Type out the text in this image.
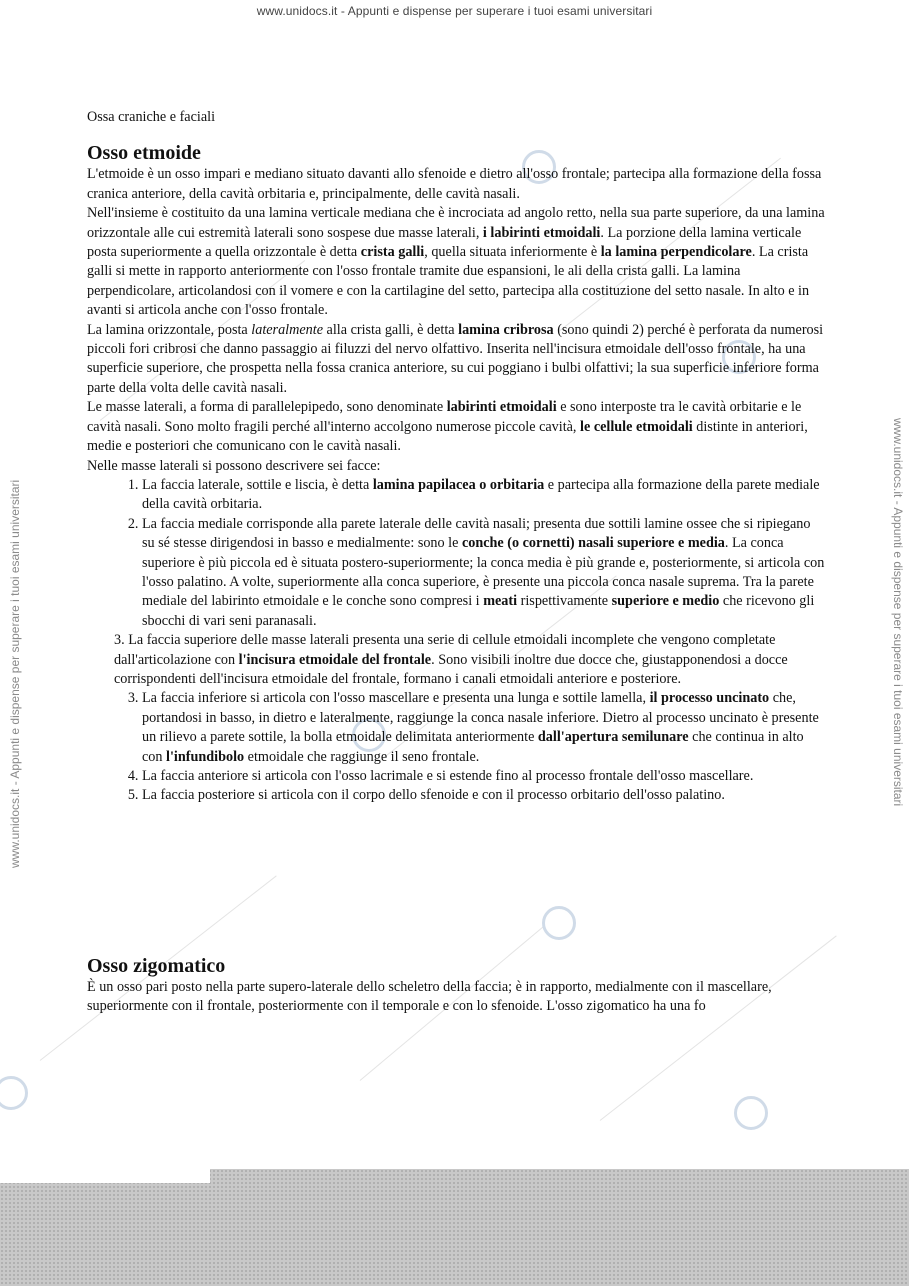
www.unidocs.it - Appunti e dispense per superare i tuoi esami universitari
www.unidocs.it - Appunti e dispense per superare i tuoi esami universitari	www.unidocs.it - Appunti e dispense per superare i tuoi esami universitari
Ossa craniche e faciali
Osso etmoide

L'etmoide è un osso impari e mediano situato davanti allo sfenoide e dietro all'osso frontale; partecipa alla formazione della fossa cranica anteriore, della cavità orbitaria e, principalmente, delle cavità nasali.

Nell'insieme è costituito da una lamina verticale mediana che è incrociata ad angolo retto, nella sua parte superiore, da una lamina orizzontale alle cui estremità laterali sono sospese due masse laterali, i labirinti etmoidali. La porzione della lamina verticale posta superiormente a quella orizzontale è detta crista galli, quella situata inferiormente è la lamina perpendicolare. La crista galli si mette in rapporto anteriormente con l'osso frontale tramite due espansioni, le ali della crista galli. La lamina perpendicolare, articolandosi con il vomere e con la cartilagine del setto, partecipa alla costituzione del setto nasale. In alto e in avanti si articola anche con l'osso frontale.

La lamina orizzontale, posta lateralmente alla crista galli, è detta lamina cribrosa (sono quindi 2) perché è perforata da numerosi piccoli fori cribrosi che danno passaggio ai filuzzi del nervo olfattivo. Inserita nell'incisura etmoidale dell'osso frontale, ha una superficie superiore, che prospetta nella fossa cranica anteriore, su cui poggiano i bulbi olfattivi; la sua superficie inferiore forma parte della volta delle cavità nasali.

Le masse laterali, a forma di parallelepipedo, sono denominate labirinti etmoidali e sono interposte tra le cavità orbitarie e le cavità nasali. Sono molto fragili perché all'interno accolgono numerose piccole cavità, le cellule etmoidali distinte in anteriori, medie e posteriori che comunicano con le cavità nasali.

Nelle masse laterali si possono descrivere sei facce:

1. La faccia laterale, sottile e liscia, è detta lamina papilacea o orbitaria e partecipa alla formazione della parete mediale della cavità orbitaria.
2. La faccia mediale corrisponde alla parete laterale delle cavità nasali; presenta due sottili lamine ossee che si ripiegano su sé stesse dirigendosi in basso e medialmente: sono le conche (o cornetti) nasali superiore e media. La conca superiore è più piccola ed è situata postero-superiormente; la conca media è più grande e, posteriormente, si articola con l'osso palatino. A volte, superiormente alla conca superiore, è presente una piccola conca nasale suprema. Tra la parete mediale del labirinto etmoidale e le conche sono compresi i meati rispettivamente superiore e medio che ricevono gli sbocchi di vari seni paranasali.

3. La faccia superiore delle masse laterali presenta una serie di cellule etmoidali incomplete che vengono completate dall'articolazione con l'incisura etmoidale del frontale. Sono visibili inoltre due docce che, giustapponendosi a docce corrispondenti dell'incisura etmoidale del frontale, formano i canali etmoidali anteriore e posteriore.

3. La faccia inferiore si articola con l'osso mascellare e presenta una lunga e sottile lamella, il processo uncinato che, portandosi in basso, in dietro e lateralmente, raggiunge la conca nasale inferiore. Dietro al processo uncinato è presente un rilievo a parete sottile, la bolla etmoidale delimitata anteriormente dall'apertura semilunare che continua in alto con l'infundibolo etmoidale che raggiunge il seno frontale.
4. La faccia anteriore si articola con l'osso lacrimale e si estende fino al processo frontale dell'osso mascellare.
5. La faccia posteriore si articola con il corpo dello sfenoide e con il processo orbitario dell'osso palatino.
Osso zigomatico

È un osso pari posto nella parte supero-laterale dello scheletro della faccia; è in rapporto, medialmente con il mascellare, superiormente con il frontale, posteriormente con il temporale e con lo sfenoide. L'osso zigomatico ha una fo
